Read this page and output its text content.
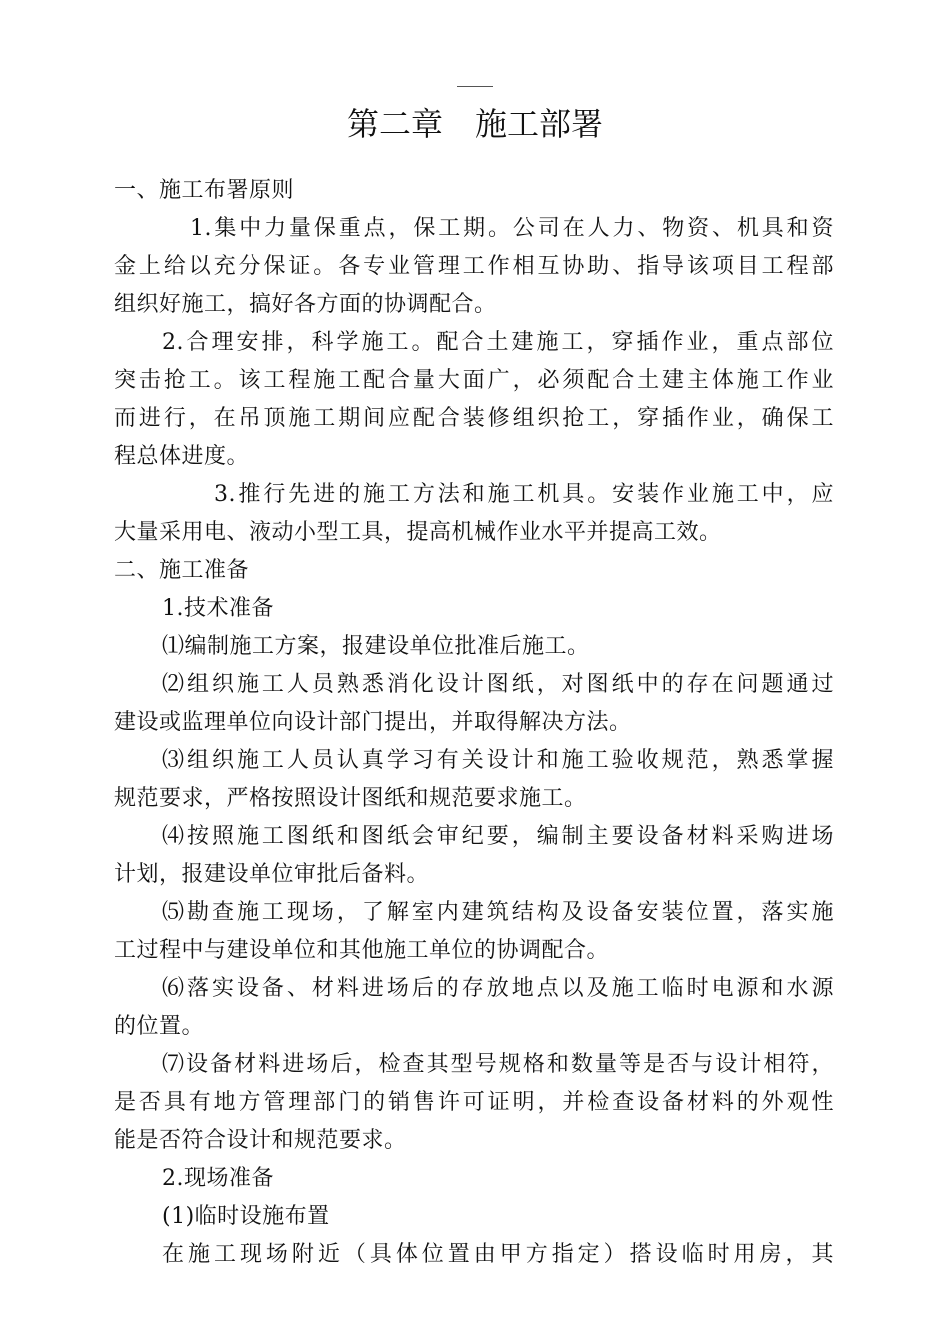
第二章　施工部署
一、施工布署原则
1.集中力量保重点，保工期。公司在人力、物资、机具和资
金上给以充分保证。各专业管理工作相互协助、指导该项目工程部
组织好施工，搞好各方面的协调配合。
2.合理安排，科学施工。配合土建施工，穿插作业，重点部位
突击抢工。该工程施工配合量大面广，必须配合土建主体施工作业
而进行，在吊顶施工期间应配合装修组织抢工，穿插作业，确保工
程总体进度。
3.推行先进的施工方法和施工机具。安装作业施工中，应
大量采用电、液动小型工具，提高机械作业水平并提高工效。
二、施工准备
1.技术准备
⑴编制施工方案，报建设单位批准后施工。
⑵组织施工人员熟悉消化设计图纸，对图纸中的存在问题通过
建设或监理单位向设计部门提出，并取得解决方法。
⑶组织施工人员认真学习有关设计和施工验收规范，熟悉掌握
规范要求，严格按照设计图纸和规范要求施工。
⑷按照施工图纸和图纸会审纪要，编制主要设备材料采购进场
计划，报建设单位审批后备料。
⑸勘查施工现场，了解室内建筑结构及设备安装位置，落实施
工过程中与建设单位和其他施工单位的协调配合。
⑹落实设备、材料进场后的存放地点以及施工临时电源和水源
的位置。
⑺设备材料进场后，检查其型号规格和数量等是否与设计相符，
是否具有地方管理部门的销售许可证明，并检查设备材料的外观性
能是否符合设计和规范要求。
2.现场准备
(1)临时设施布置
在施工现场附近（具体位置由甲方指定）搭设临时用房，其
